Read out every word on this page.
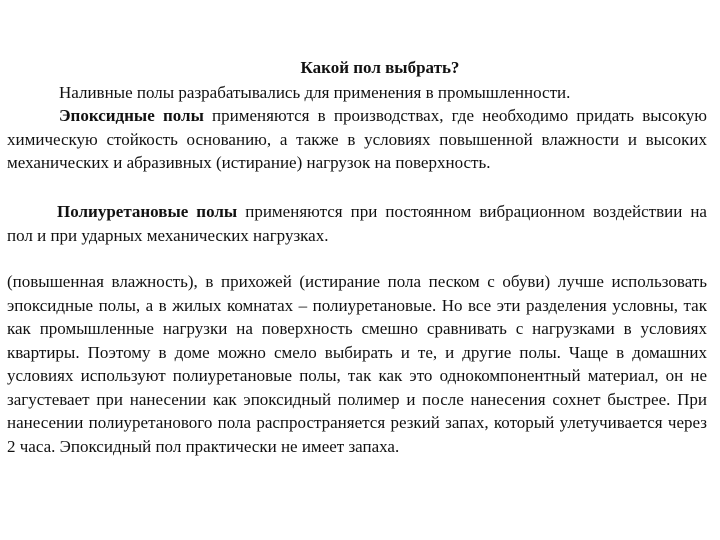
Какой пол выбрать?

Наливные полы разрабатывались для применения в промышленности.

Эпоксидные полы применяются в производствах, где необходимо придать высокую химическую стойкость основанию, а также в условиях повышенной влажности и высоких механических и абразивных (истирание) нагрузок на поверхность.

Полиуретановые полы применяются при постоянном вибрационном воздействии на пол и при ударных механических нагрузках.

(повышенная влажность), в прихожей (истирание пола песком с обуви) лучше использовать эпоксидные полы, а в жилых комнатах – полиуретановые. Но все эти разделения условны, так как промышленные нагрузки на поверхность смешно сравнивать с нагрузками в условиях квартиры. Поэтому в доме можно смело выбирать и те, и другие полы. Чаще в домашних условиях используют полиуретановые полы, так как это однокомпонентный материал, он не загустевает при нанесении как эпоксидный полимер и после нанесения сохнет быстрее. При нанесении полиуретанового пола распространяется резкий запах, который улетучивается через 2 часа. Эпоксидный пол практически не имеет запаха.
